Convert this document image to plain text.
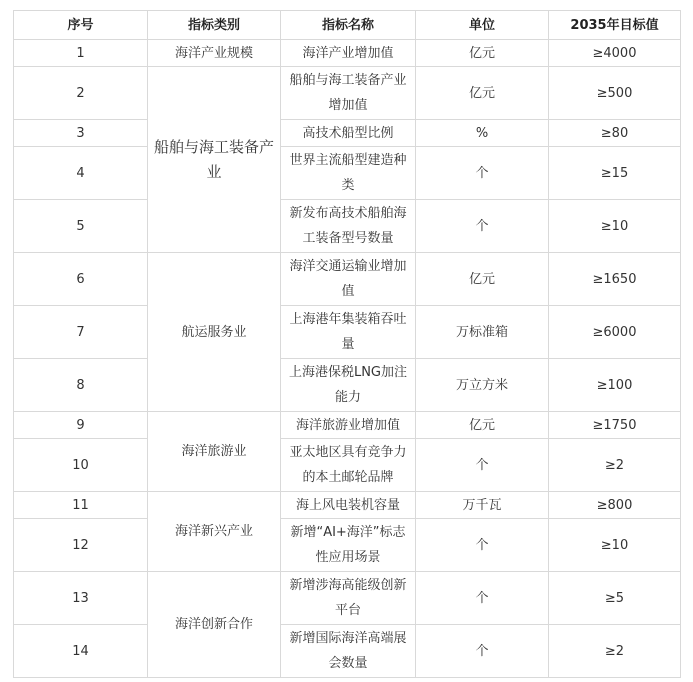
序号	指标类别	指标名称	单位	2035年目标值
1	海洋产业规模	海洋产业增加值	亿元	≥4000
2	船舶与海工装备产业	船舶与海工装备产业增加值	亿元	≥500
3		高技术船型比例	%	≥80
4		世界主流船型建造种类	个	≥15
5		新发布高技术船舶海工装备型号数量	个	≥10
6	航运服务业	海洋交通运输业增加值	亿元	≥1650
7		上海港年集装箱吞吐量	万标准箱	≥6000
8		上海港保税LNG加注能力	万立方米	≥100
9	海洋旅游业	海洋旅游业增加值	亿元	≥1750
10		亚太地区具有竞争力的本土邮轮品牌	个	≥2
11	海洋新兴产业	海上风电装机容量	万千瓦	≥800
12		新增“AI+海洋”标志性应用场景	个	≥10
13	海洋创新合作	新增涉海高能级创新平台	个	≥5
14		新增国际海洋高端展会数量	个	≥2
